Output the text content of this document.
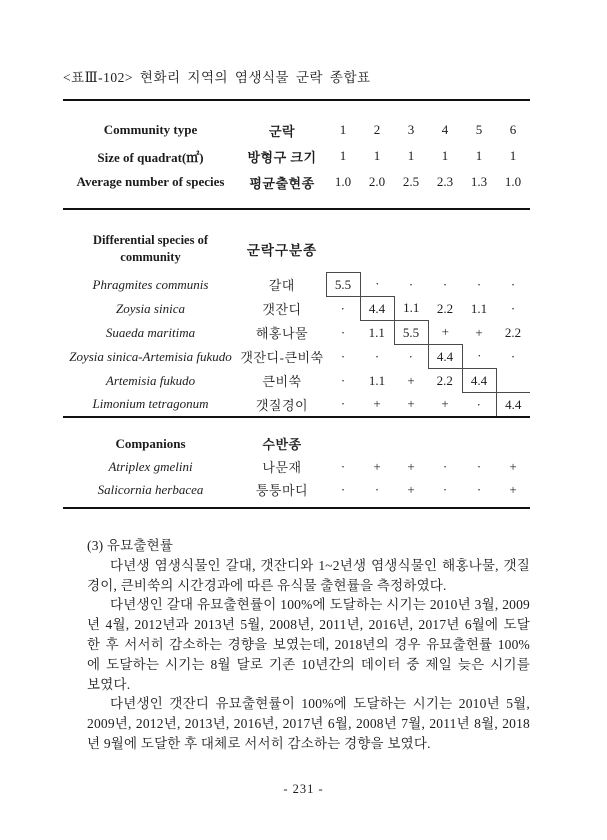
<표Ⅲ-102> 현화리 지역의 염생식물 군락 종합표
Community type	군락	1	2	3	4	5	6
Size of quadrat(㎡)	방형구 크기	1	1	1	1	1	1
Average number of species	평균출현종	1.0	2.0	2.5	2.3	1.3	1.0
Differential species of
community	군락구분종						
Phragmites communis	갈대	5.5	·	·	·	·	·
Zoysia sinica	갯잔디	·	4.4	1.1	2.2	1.1	·
Suaeda maritima	해홍나물	·	1.1	5.5	+	+	2.2
Zoysia sinica-Artemisia fukudo	갯잔디-큰비쑥	·	·	·	4.4	·	·
Artemisia fukudo	큰비쑥	·	1.1	+	2.2	4.4	
Limonium tetragonum	갯질경이	·	+	+	+	·	4.4
Companions	수반종						
Atriplex gmelini	나문재	·	+	+	·	·	+
Salicornia herbacea	퉁퉁마디	·	·	+	·	·	+
(3) 유묘출현률
다년생 염생식물인 갈대, 갯잔디와 1~2년생 염생식물인 해홍나물, 갯질
경이, 큰비쑥의 시간경과에 따른 유식물 출현률을 측정하였다.
다년생인 갈대 유묘출현률이 100%에 도달하는 시기는 2010년 3월, 2009
년 4월, 2012년과 2013년 5월, 2008년, 2011년, 2016년, 2017년 6월에 도달
한 후 서서히 감소하는 경향을 보였는데, 2018년의 경우 유묘출현률 100%
에 도달하는 시기는 8월 달로 기존 10년간의 데이터 중 제일 늦은 시기를
보였다.
다년생인 갯잔디 유묘출현률이 100%에 도달하는 시기는 2010년 5월,
2009년, 2012년, 2013년, 2016년, 2017년 6월, 2008년 7월, 2011년 8월, 2018
년 9월에 도달한 후 대체로 서서히 감소하는 경향을 보였다.
- 231 -
